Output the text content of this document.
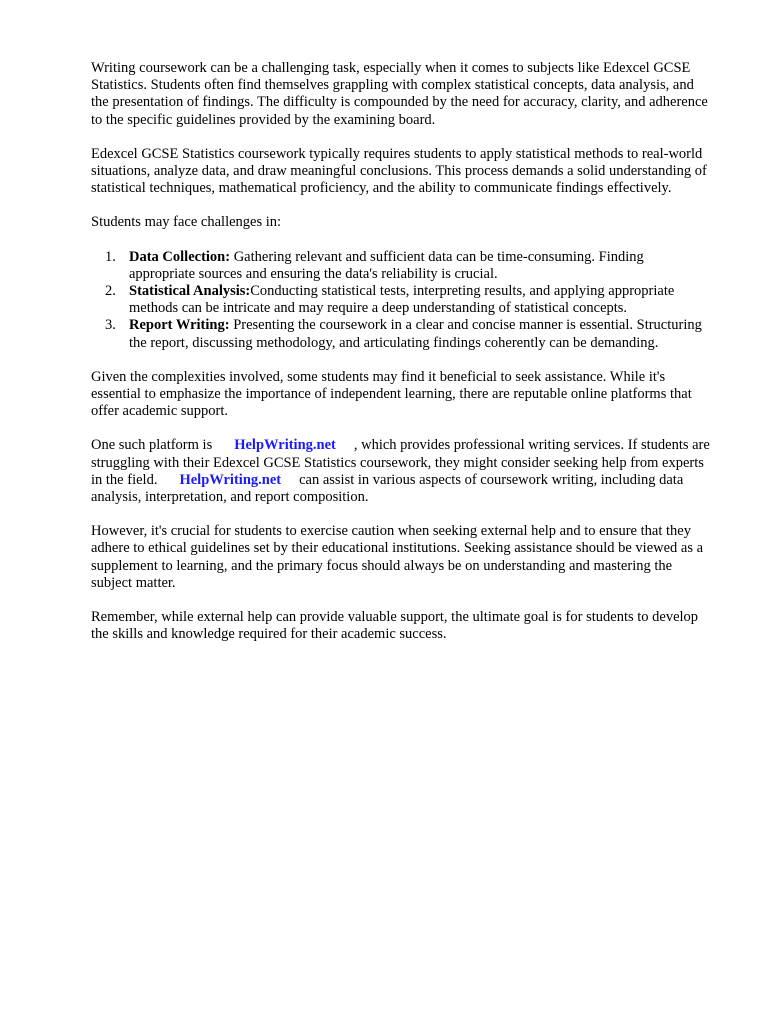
Writing coursework can be a challenging task, especially when it comes to subjects like Edexcel GCSE Statistics. Students often find themselves grappling with complex statistical concepts, data analysis, and the presentation of findings. The difficulty is compounded by the need for accuracy, clarity, and adherence to the specific guidelines provided by the examining board.

Edexcel GCSE Statistics coursework typically requires students to apply statistical methods to real-world situations, analyze data, and draw meaningful conclusions. This process demands a solid understanding of statistical techniques, mathematical proficiency, and the ability to communicate findings effectively.

Students may face challenges in:

1. Data Collection: Gathering relevant and sufficient data can be time-consuming. Finding appropriate sources and ensuring the data's reliability is crucial.
2. Statistical Analysis:Conducting statistical tests, interpreting results, and applying appropriate methods can be intricate and may require a deep understanding of statistical concepts.
3. Report Writing: Presenting the coursework in a clear and concise manner is essential. Structuring the report, discussing methodology, and articulating findings coherently can be demanding.

Given the complexities involved, some students may find it beneficial to seek assistance. While it's essential to emphasize the importance of independent learning, there are reputable online platforms that offer academic support.

One such platform is HelpWriting.net , which provides professional writing services. If students are struggling with their Edexcel GCSE Statistics coursework, they might consider seeking help from experts in the field. HelpWriting.net can assist in various aspects of coursework writing, including data analysis, interpretation, and report composition.

However, it's crucial for students to exercise caution when seeking external help and to ensure that they adhere to ethical guidelines set by their educational institutions. Seeking assistance should be viewed as a supplement to learning, and the primary focus should always be on understanding and mastering the subject matter.

Remember, while external help can provide valuable support, the ultimate goal is for students to develop the skills and knowledge required for their academic success.
